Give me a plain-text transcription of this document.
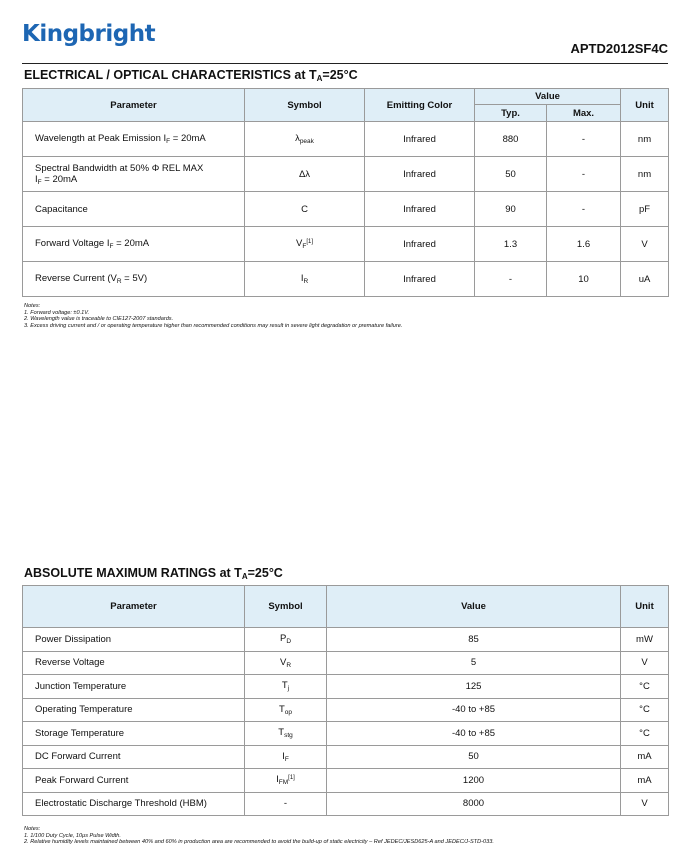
Kingbright
APTD2012SF4C
ELECTRICAL / OPTICAL CHARACTERISTICS at $T_A=25^\circ C$
Parameter	Symbol	Emitting Color	Value		Unit
			Typ.	Max.	
Wavelength at Peak Emission $I_F = 20mA$	$\lambda_{peak}$	Infrared	880	-	nm

Spectral Bandwidth at 50% Φ REL MAX
$I_F = 20mA$	Δλ	Infrared	50	-	nm
Capacitance	C	Infrared	90	-	pF
Forward Voltage $I_F = 20mA$	$V_F[1]$	Infrared	1.3	1.6	V
Reverse Current $(V_R = 5V)$	$I_R$	Infrared	-	10	uA
Notes:
1. Forward voltage: ±0.1V.
2. Wavelength value is traceable to CIE127-2007 standards.
3. Excess driving current and / or operating temperature higher than recommended conditions may result in severe light degradation or premature failure.
ABSOLUTE MAXIMUM RATINGS at $T_A=25^\circ C$
Parameter	Symbol	Value	Unit
Power Dissipation	$P_D$	85	mW
Reverse Voltage	$V_R$	5	V
Junction Temperature	$T_j$	125	°C
Operating Temperature	$T_{op}$	-40 to +85	°C
Storage Temperature	$T_{stg}$	-40 to +85	°C
DC Forward Current	$I_F$	50	mA
Peak Forward Current	$I_{FM}[1]$	1200	mA
Electrostatic Discharge Threshold (HBM)	-	8000	V
Notes:
1. 1/100 Duty Cycle, 10μs Pulse Width.
2. Relative humidity levels maintained between 40% and 60% in production area are recommended to avoid the build-up of static electricity – Ref JEDEC/JESD625-A and JEDEC/J-STD-033.
